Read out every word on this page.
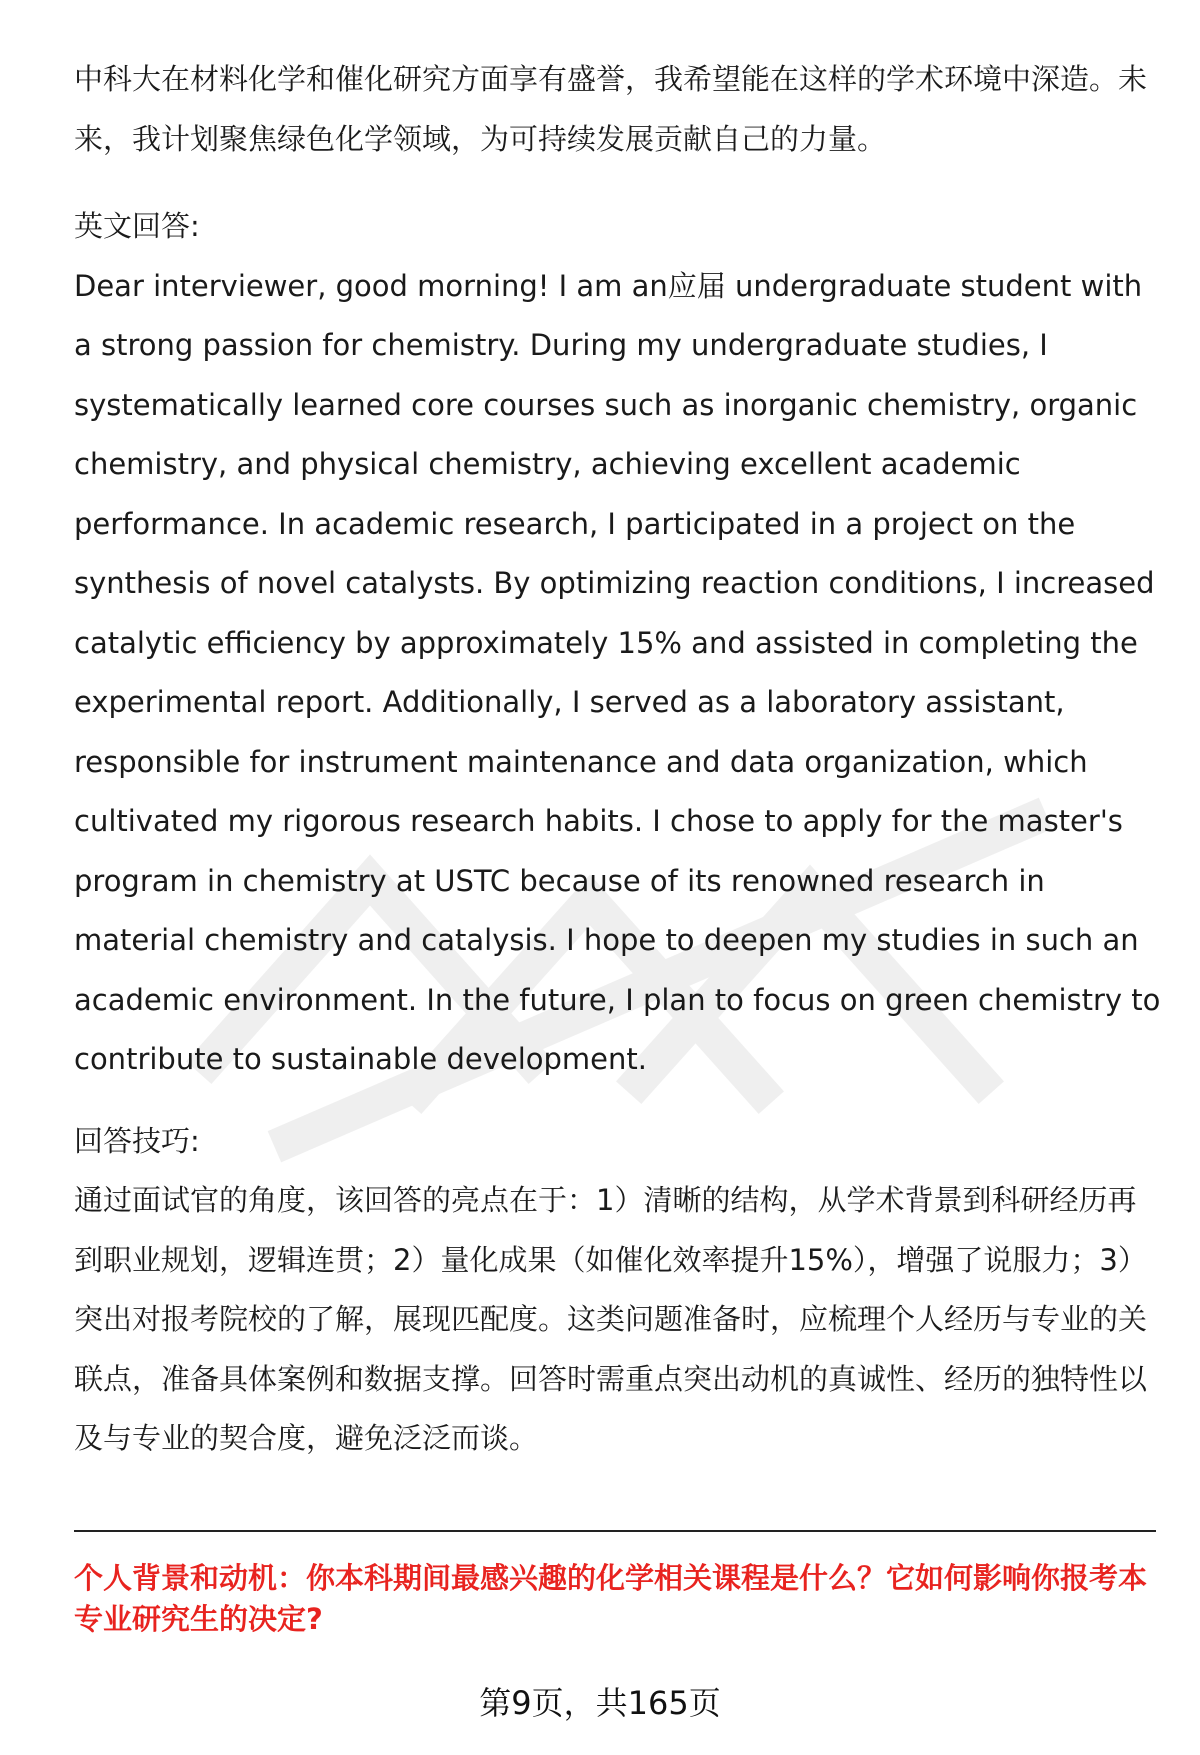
中科大在材料化学和催化研究方面享有盛誉，我希望能在这样的学术环境中深造。未来，我计划聚焦绿色化学领域，为可持续发展贡献自己的力量。

英文回答:

Dear interviewer, good morning! I am an应届 undergraduate student with a strong passion for chemistry. During my undergraduate studies, I systematically learned core courses such as inorganic chemistry, organic chemistry, and physical chemistry, achieving excellent academic performance. In academic research, I participated in a project on the synthesis of novel catalysts. By optimizing reaction conditions, I increased catalytic efficiency by approximately 15% and assisted in completing the experimental report. Additionally, I served as a laboratory assistant, responsible for instrument maintenance and data organization, which cultivated my rigorous research habits. I chose to apply for the master's program in chemistry at USTC because of its renowned research in material chemistry and catalysis. I hope to deepen my studies in such an academic environment. In the future, I plan to focus on green chemistry to contribute to sustainable development.

回答技巧:

通过面试官的角度，该回答的亮点在于：1）清晰的结构，从学术背景到科研经历再到职业规划，逻辑连贯；2）量化成果（如催化效率提升15%），增强了说服力；3）突出对报考院校的了解，展现匹配度。这类问题准备时，应梳理个人经历与专业的关联点，准备具体案例和数据支撑。回答时需重点突出动机的真诚性、经历的独特性以及与专业的契合度，避免泛泛而谈。

个人背景和动机：你本科期间最感兴趣的化学相关课程是什么？它如何影响你报考本专业研究生的决定?

第9页，共165页
